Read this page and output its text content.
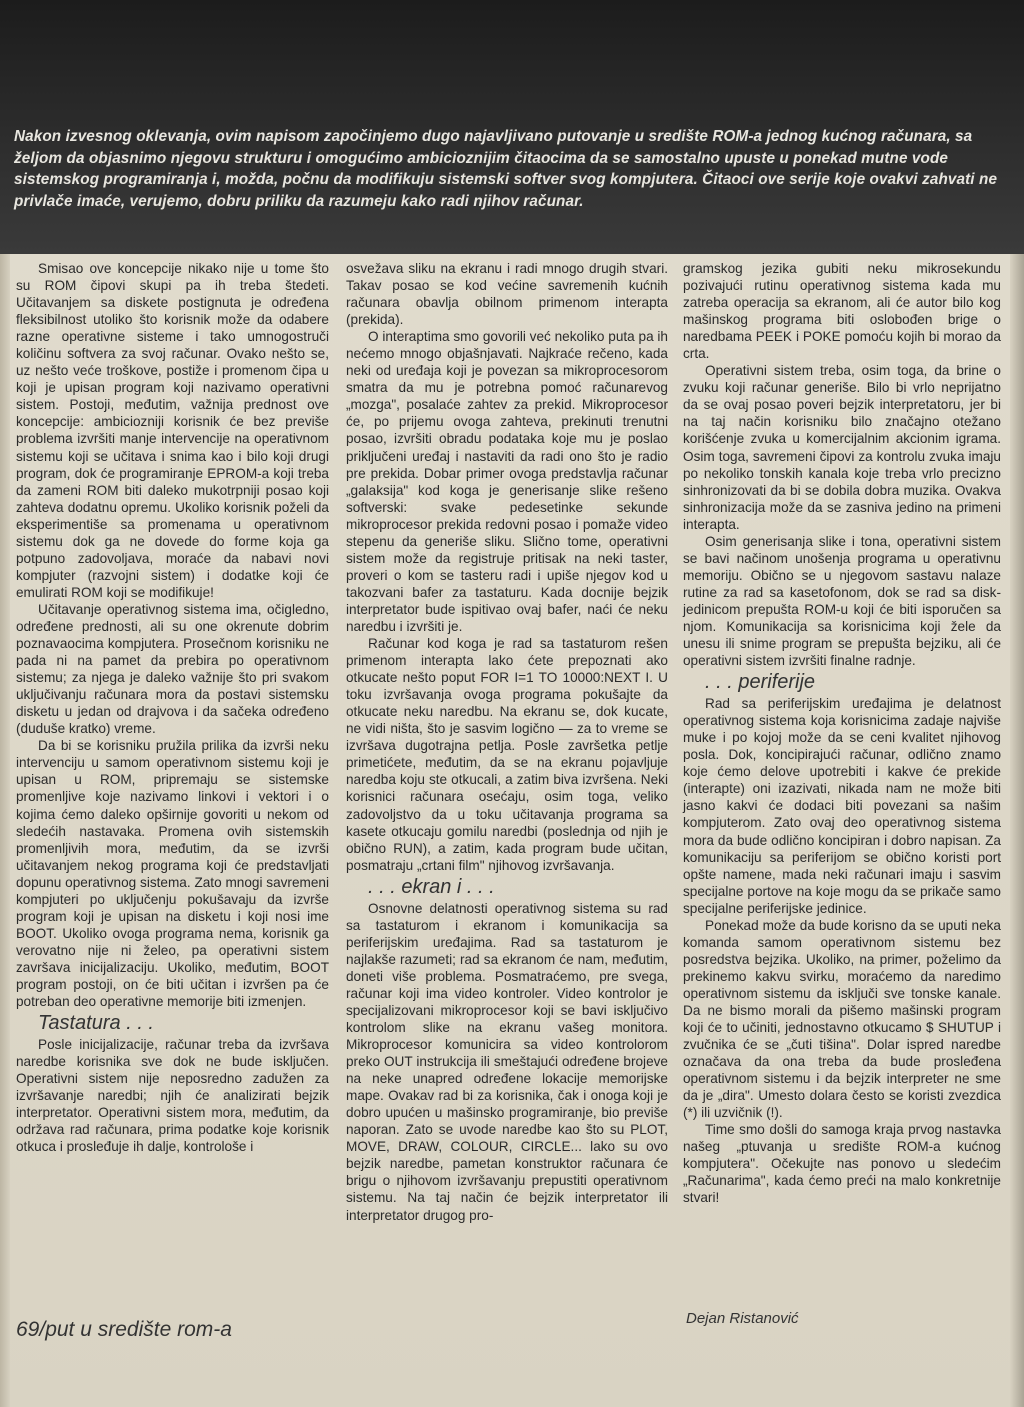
Nakon izvesnog oklevanja, ovim napisom započinjemo dugo najavljivano putovanje u središte ROM-a jednog kućnog računara, sa željom da objasnimo njegovu strukturu i omogućimo ambicioznijim čitaocima da se samostalno upuste u ponekad mutne vode sistemskog programiranja i, možda, počnu da modifikuju sistemski softver svog kompjutera. Čitaoci ove serije koje ovakvi zahvati ne privlače imaće, verujemo, dobru priliku da razumeju kako radi njihov računar.

Smisao ove koncepcije nikako nije u tome što su ROM čipovi skupi pa ih treba štedeti. Učitavanjem sa diskete postignuta je određena fleksibilnost utoliko što korisnik može da odabere razne operativne sisteme i tako umnogostruči količinu softvera za svoj računar. Ovako nešto se, uz nešto veće troškove, postiže i promenom čipa u koji je upisan program koji nazivamo operativni sistem. Postoji, međutim, važnija prednost ove koncepcije: ambiciozniji korisnik će bez previše problema izvršiti manje intervencije na operativnom sistemu koji se učitava i snima kao i bilo koji drugi program, dok će programiranje EPROM-a koji treba da zameni ROM biti daleko mukotrpniji posao koji zahteva dodatnu opremu. Ukoliko korisnik poželi da eksperimentiše sa promenama u operativnom sistemu dok ga ne dovede do forme koja ga potpuno zadovoljava, moraće da nabavi novi kompjuter (razvojni sistem) i dodatke koji će emulirati ROM koji se modifikuje!

Učitavanje operativnog sistema ima, očigledno, određene prednosti, ali su one okrenute dobrim poznavaocima kompjutera. Prosečnom korisniku ne pada ni na pamet da prebira po operativnom sistemu; za njega je daleko važnije što pri svakom uključivanju računara mora da postavi sistemsku disketu u jedan od drajvova i da sačeka određeno (duduše kratko) vreme.

Da bi se korisniku pružila prilika da izvrši neku intervenciju u samom operativnom sistemu koji je upisan u ROM, pripremaju se sistemske promenljive koje nazivamo linkovi i vektori i o kojima ćemo daleko opširnije govoriti u nekom od sledećih nastavaka. Promena ovih sistemskih promenljivih mora, međutim, da se izvrši učitavanjem nekog programa koji će predstavljati dopunu operativnog sistema. Zato mnogi savremeni kompjuteri po uključenju pokušavaju da izvrše program koji je upisan na disketu i koji nosi ime BOOT. Ukoliko ovoga programa nema, korisnik ga verovatno nije ni želeo, pa operativni sistem završava inicijalizaciju. Ukoliko, međutim, BOOT program postoji, on će biti učitan i izvršen pa će potreban deo operativne memorije biti izmenjen.

Tastatura . . .

Posle inicijalizacije, računar treba da izvršava naredbe korisnika sve dok ne bude isključen. Operativni sistem nije neposredno zadužen za izvršavanje naredbi; njih će analizirati bejzik interpretator. Operativni sistem mora, međutim, da održava rad računara, prima podatke koje korisnik otkuca i prosleđuje ih dalje, kontrološe i

osvežava sliku na ekranu i radi mnogo drugih stvari. Takav posao se kod većine savremenih kućnih računara obavlja obilnom primenom interapta (prekida).

O interaptima smo govorili već nekoliko puta pa ih nećemo mnogo objašnjavati. Najkraće rečeno, kada neki od uređaja koji je povezan sa mikroprocesorom smatra da mu je potrebna pomoć računarevog „mozga", posalaće zahtev za prekid. Mikroprocesor će, po prijemu ovoga zahteva, prekinuti trenutni posao, izvršiti obradu podataka koje mu je poslao priključeni uređaj i nastaviti da radi ono što je radio pre prekida. Dobar primer ovoga predstavlja računar „galaksija" kod koga je generisanje slike rešeno softverski: svake pedesetinke sekunde mikroprocesor prekida redovni posao i pomaže video stepenu da generiše sliku. Slično tome, operativni sistem može da registruje pritisak na neki taster, proveri o kom se tasteru radi i upiše njegov kod u takozvani bafer za tastaturu. Kada docnije bejzik interpretator bude ispitivao ovaj bafer, naći će neku naredbu i izvršiti je.

Računar kod koga je rad sa tastaturom rešen primenom interapta lako ćete prepoznati ako otkucate nešto poput FOR I=1 TO 10000:NEXT I. U toku izvršavanja ovoga programa pokušajte da otkucate neku naredbu. Na ekranu se, dok kucate, ne vidi ništa, što je sasvim logično — za to vreme se izvršava dugotrajna petlja. Posle završetka petlje primetićete, međutim, da se na ekranu pojavljuje naredba koju ste otkucali, a zatim biva izvršena. Neki korisnici računara osećaju, osim toga, veliko zadovoljstvo da u toku učitavanja programa sa kasete otkucaju gomilu naredbi (poslednja od njih je obično RUN), a zatim, kada program bude učitan, posmatraju „crtani film" njihovog izvršavanja.

. . . ekran i . . .

Osnovne delatnosti operativnog sistema su rad sa tastaturom i ekranom i komunikacija sa periferijskim uređajima. Rad sa tastaturom je najlakše razumeti; rad sa ekranom će nam, međutim, doneti više problema. Posmatraćemo, pre svega, računar koji ima video kontroler. Video kontrolor je specijalizovani mikroprocesor koji se bavi isključivo kontrolom slike na ekranu vašeg monitora. Mikroprocesor komunicira sa video kontrolorom preko OUT instrukcija ili smeštajući određene brojeve na neke unapred određene lokacije memorijske mape. Ovakav rad bi za korisnika, čak i onoga koji je dobro upućen u mašinsko programiranje, bio previše naporan. Zato se uvode naredbe kao što su PLOT, MOVE, DRAW, COLOUR, CIRCLE... lako su ovo bejzik naredbe, pametan konstruktor računara će brigu o njihovom izvršavanju prepustiti operativnom sistemu. Na taj način će bejzik interpretator ili interpretator drugog pro-

gramskog jezika gubiti neku mikrosekundu pozivajući rutinu operativnog sistema kada mu zatreba operacija sa ekranom, ali će autor bilo kog mašinskog programa biti oslobođen brige o naredbama PEEK i POKE pomoću kojih bi morao da crta.

Operativni sistem treba, osim toga, da brine o zvuku koji računar generiše. Bilo bi vrlo nepriјatno da se ovaj posao poveri bejzik interpretatoru, jer bi na taj način korisniku bilo značajno otežano korišćenje zvuka u komercijalnim akcionim igrama. Osim toga, savremeni čipovi za kontrolu zvuka imaju po nekoliko tonskih kanala koje treba vrlo precizno sinhronizovati da bi se dobila dobra muzika. Ovakva sinhronizacija može da se zasniva jedino na primeni interapta.

Osim generisanja slike i tona, operativni sistem se bavi načinom unošenja programa u operativnu memoriju. Obično se u njegovom sastavu nalaze rutine za rad sa kasetofonom, dok se rad sa disk-jedinicom prepušta ROM-u koji će biti isporučen sa njom. Komunikacija sa korisnicima koji žele da unesu ili snime program se prepušta bejziku, ali će operativni sistem izvršiti finalne radnje.

. . . periferije

Rad sa periferijskim uređajima je delatnost operativnog sistema koja korisnicima zadaje najviše muke i po kojoj može da se ceni kvalitet njihovog posla. Dok, koncipirajući računar, odlično znamo koje ćemo delove upotrebiti i kakve će prekide (interapte) oni izazivati, nikada nam ne može biti jasno kakvi će dodaci biti povezani sa našim kompjuterom. Zato ovaj deo operativnog sistema mora da bude odlično koncipiran i dobro napisan. Za komunikaciju sa periferijom se obično koristi port opšte namene, mada neki računari imaju i sasvim specijalne portove na koje mogu da se prikače samo specijalne periferijske jedinice.

Ponekad može da bude korisno da se uputi neka komanda samom operativnom sistemu bez posredstva bejzika. Ukoliko, na primer, poželimo da prekinemo kakvu svirku, moraćemo da naredimo operativnom sistemu da isključi sve tonske kanale. Da ne bismo morali da pišemo mašinski program koji će to učiniti, jednostavno otkucamo $ SHUTUP i zvučnika će se „čuti tišina". Dolar ispred naredbe označava da ona treba da bude prosleđena operativnom sistemu i da bejzik interpreter ne sme da je „dira". Umesto dolara često se koristi zvezdica (*) ili uzvičnik (!).

Time smo došli do samoga kraja prvog nastavka našeg „ptuvanja u središte ROM-a kućnog kompjutera". Očekujte nas ponovo u sledećim „Računarima", kada ćemo preći na malo konkretnije stvari!

69/put u središte rom-a	Dejan Ristanović
